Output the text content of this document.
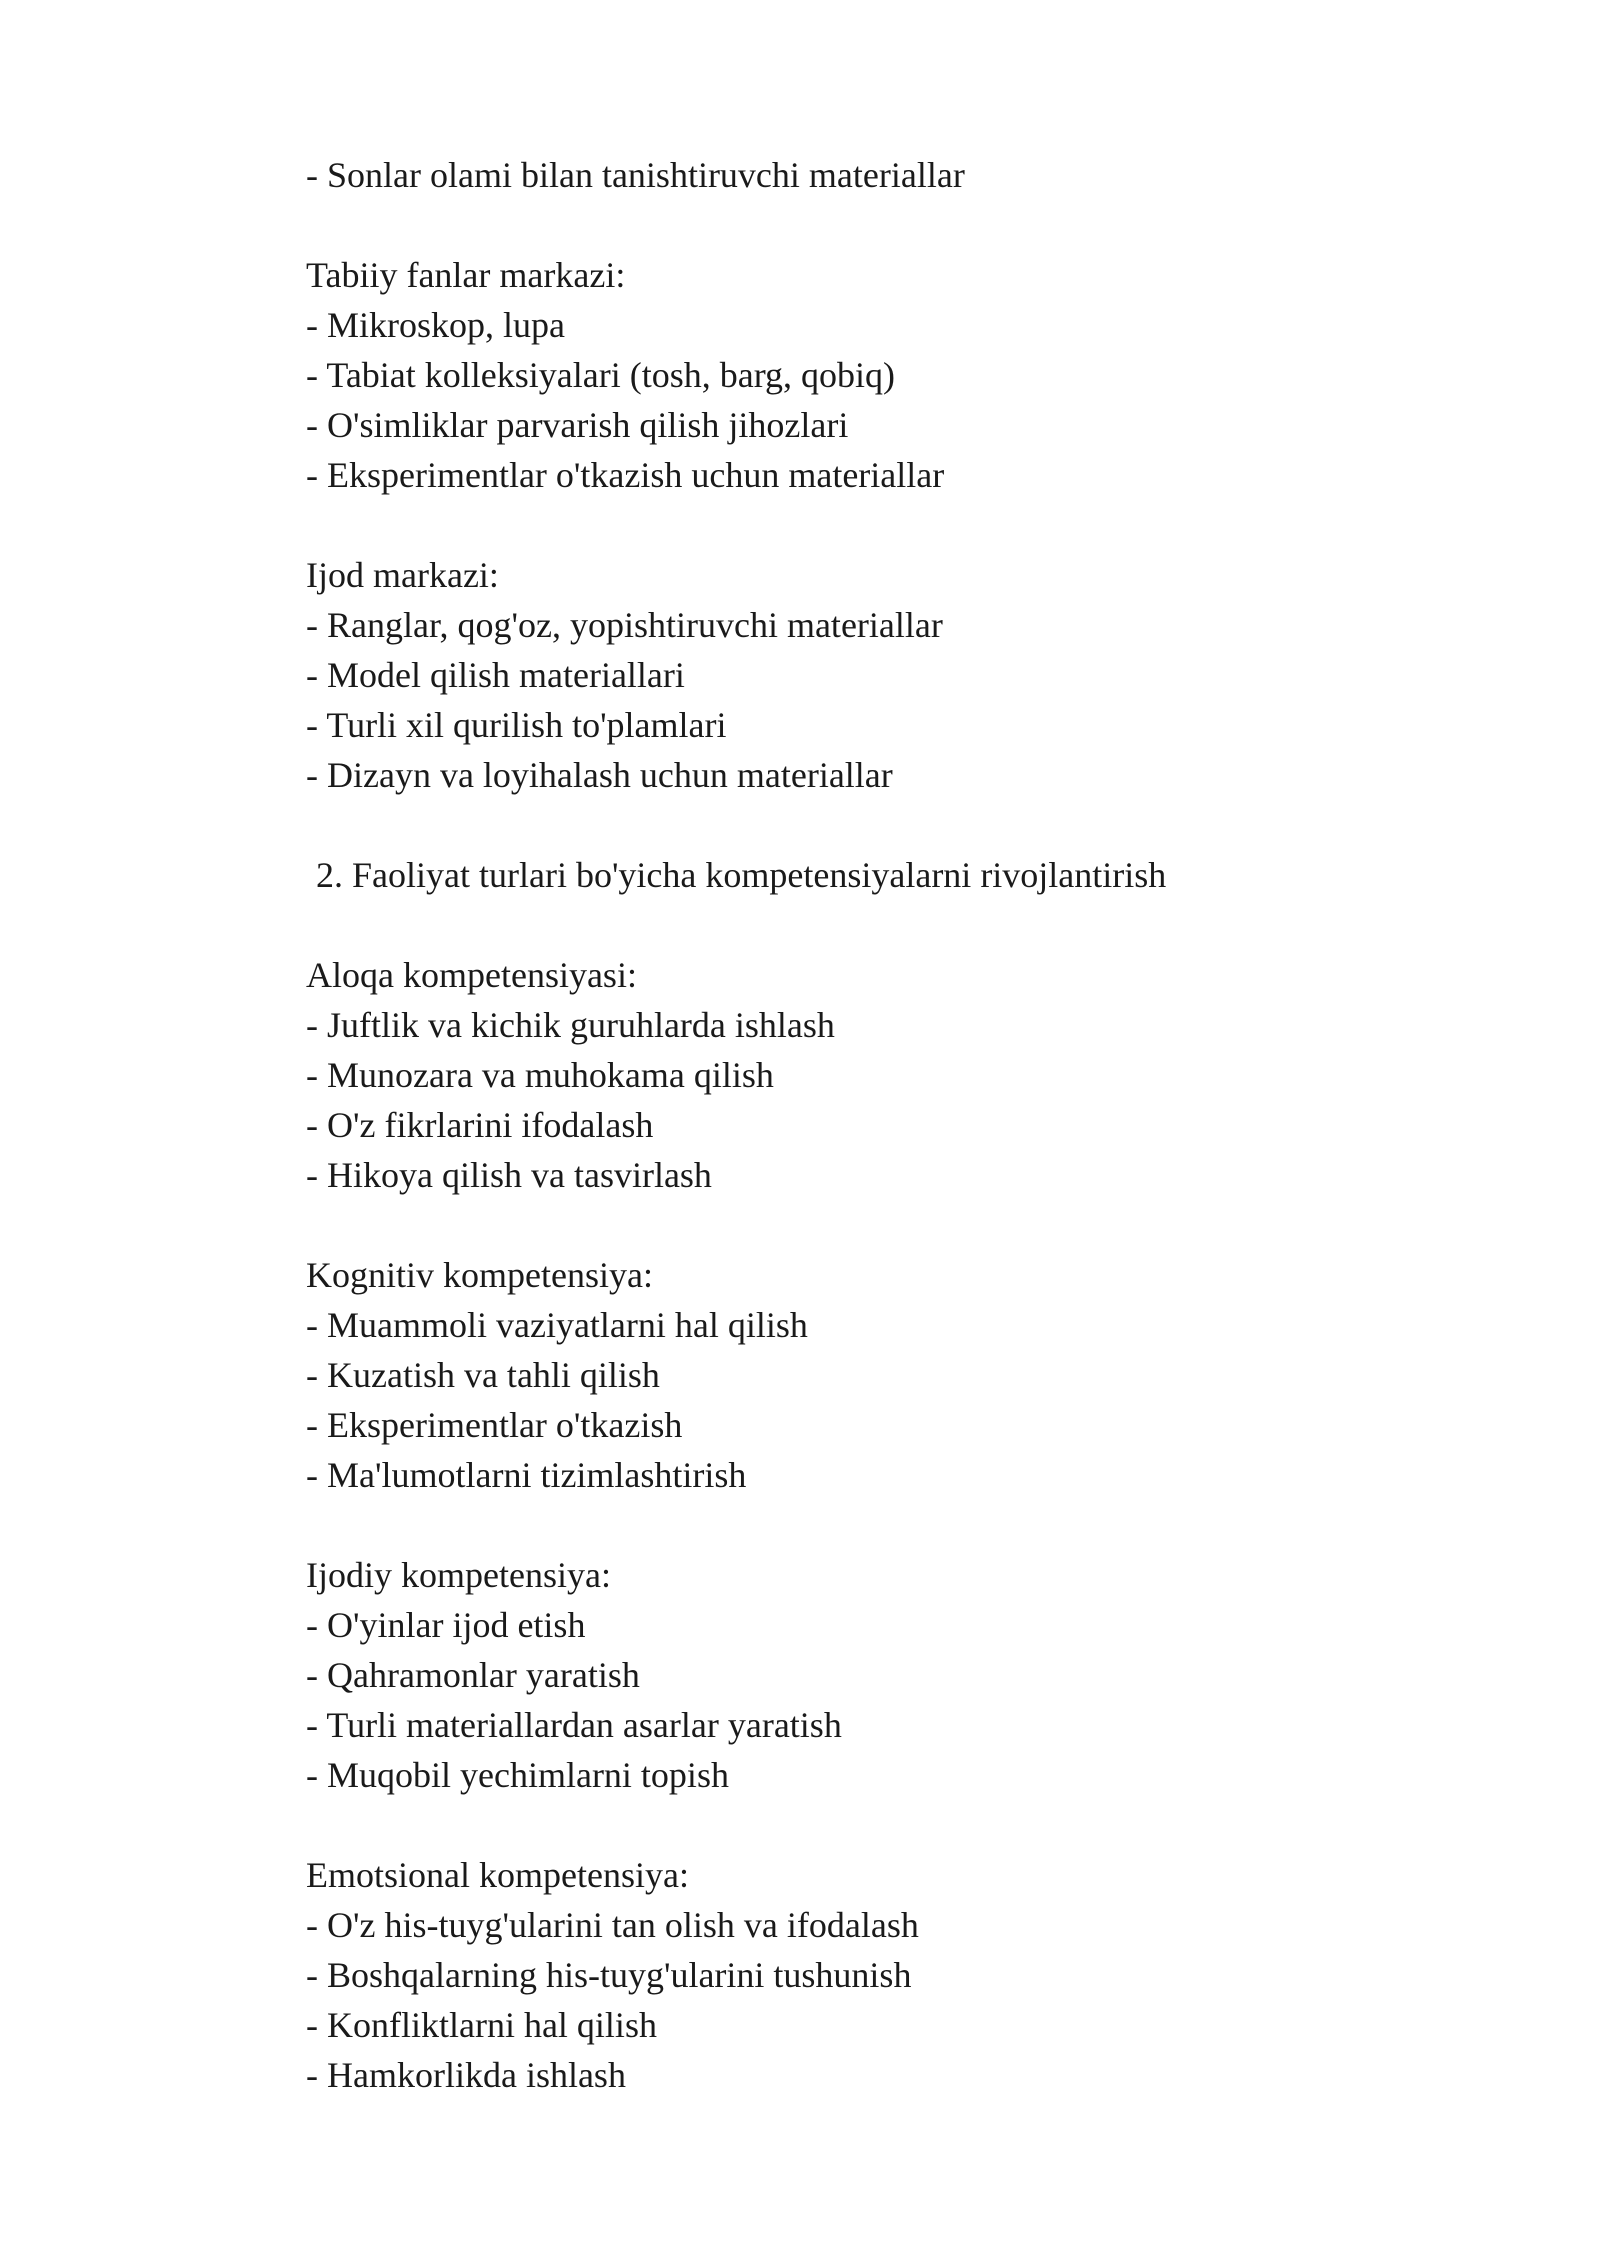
- Sonlar olami bilan tanishtiruvchi materiallar
Tabiiy fanlar markazi:
- Mikroskop, lupa
- Tabiat kolleksiyalari (tosh, barg, qobiq)
- O'simliklar parvarish qilish jihozlari
- Eksperimentlar o'tkazish uchun materiallar
Ijod markazi:
- Ranglar, qog'oz, yopishtiruvchi materiallar
- Model qilish materiallari
- Turli xil qurilish to'plamlari
- Dizayn va loyihalash uchun materiallar
2. Faoliyat turlari bo'yicha kompetensiyalarni rivojlantirish
Aloqa kompetensiyasi:
- Juftlik va kichik guruhlarda ishlash
- Munozara va muhokama qilish
- O'z fikrlarini ifodalash
- Hikoya qilish va tasvirlash
Kognitiv kompetensiya:
- Muammoli vaziyatlarni hal qilish
- Kuzatish va tahli qilish
- Eksperimentlar o'tkazish
- Ma'lumotlarni tizimlashtirish
Ijodiy kompetensiya:
- O'yinlar ijod etish
- Qahramonlar yaratish
- Turli materiallardan asarlar yaratish
- Muqobil yechimlarni topish
Emotsional kompetensiya:
- O'z his-tuyg'ularini tan olish va ifodalash
- Boshqalarning his-tuyg'ularini tushunish
- Konfliktlarni hal qilish
- Hamkorlikda ishlash
